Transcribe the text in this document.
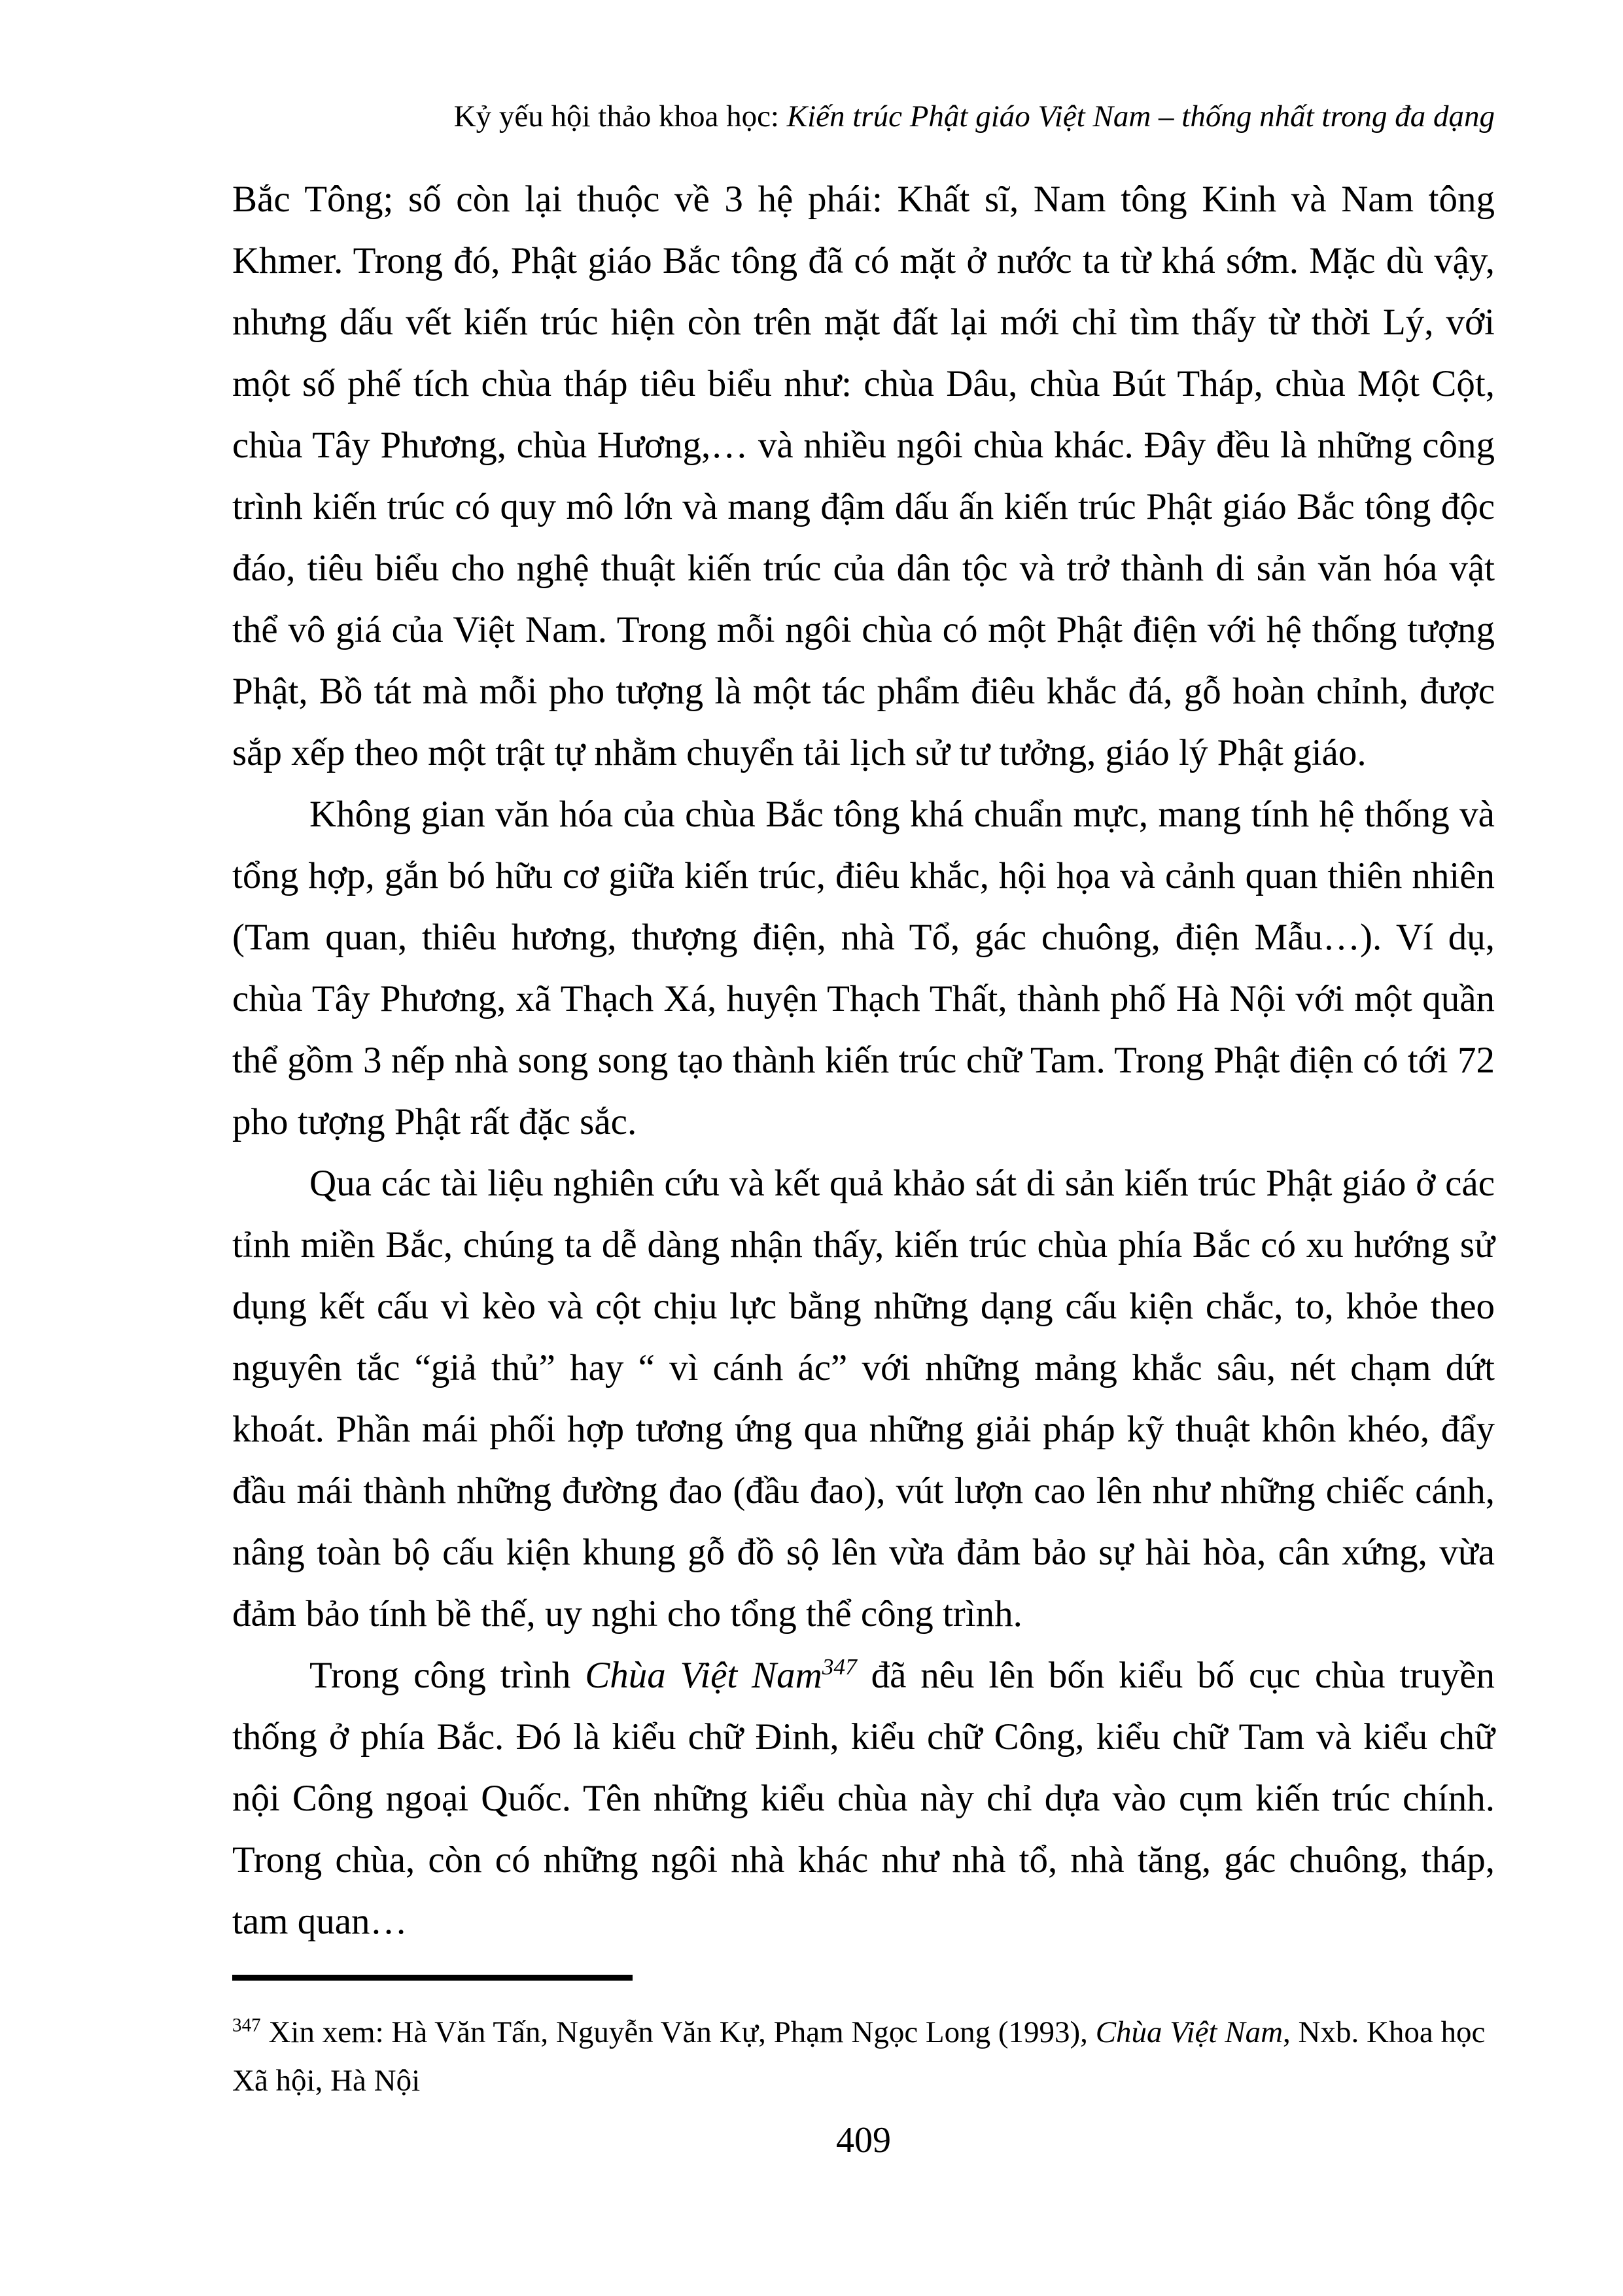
Kỷ yếu hội thảo khoa học: Kiến trúc Phật giáo Việt Nam – thống nhất trong đa dạng

Bắc Tông; số còn lại thuộc về 3 hệ phái: Khất sĩ, Nam tông Kinh và Nam tông Khmer. Trong đó, Phật giáo Bắc tông đã có mặt ở nước ta từ khá sớm. Mặc dù vậy, nhưng dấu vết kiến trúc hiện còn trên mặt đất lại mới chỉ tìm thấy từ thời Lý, với một số phế tích chùa tháp tiêu biểu như: chùa Dâu, chùa Bút Tháp, chùa Một Cột, chùa Tây Phương, chùa Hương,… và nhiều ngôi chùa khác. Đây đều là những công trình kiến trúc có quy mô lớn và mang đậm dấu ấn kiến trúc Phật giáo Bắc tông độc đáo, tiêu biểu cho nghệ thuật kiến trúc của dân tộc và trở thành di sản văn hóa vật thể vô giá của Việt Nam. Trong mỗi ngôi chùa có một Phật điện với hệ thống tượng Phật, Bồ tát mà mỗi pho tượng là một tác phẩm điêu khắc đá, gỗ hoàn chỉnh, được sắp xếp theo một trật tự nhằm chuyển tải lịch sử tư tưởng, giáo lý Phật giáo.

Không gian văn hóa của chùa Bắc tông khá chuẩn mực, mang tính hệ thống và tổng hợp, gắn bó hữu cơ giữa kiến trúc, điêu khắc, hội họa và cảnh quan thiên nhiên (Tam quan, thiêu hương, thượng điện, nhà Tổ, gác chuông, điện Mẫu…). Ví dụ, chùa Tây Phương, xã Thạch Xá, huyện Thạch Thất, thành phố Hà Nội với một quần thể gồm 3 nếp nhà song song tạo thành kiến trúc chữ Tam. Trong Phật điện có tới 72 pho tượng Phật rất đặc sắc.

Qua các tài liệu nghiên cứu và kết quả khảo sát di sản kiến trúc Phật giáo ở các tỉnh miền Bắc, chúng ta dễ dàng nhận thấy, kiến trúc chùa phía Bắc có xu hướng sử dụng kết cấu vì kèo và cột chịu lực bằng những dạng cấu kiện chắc, to, khỏe theo nguyên tắc “giả thủ” hay “ vì cánh ác” với những mảng khắc sâu, nét chạm dứt khoát. Phần mái phối hợp tương ứng qua những giải pháp kỹ thuật khôn khéo, đẩy đầu mái thành những đường đao (đầu đao), vút lượn cao lên như những chiếc cánh, nâng toàn bộ cấu kiện khung gỗ đồ sộ lên vừa đảm bảo sự hài hòa, cân xứng, vừa đảm bảo tính bề thế, uy nghi cho tổng thể công trình.

Trong công trình Chùa Việt Nam$^{347}$ đã nêu lên bốn kiểu bố cục chùa truyền thống ở phía Bắc. Đó là kiểu chữ Đinh, kiểu chữ Công, kiểu chữ Tam và kiểu chữ nội Công ngoại Quốc. Tên những kiểu chùa này chỉ dựa vào cụm kiến trúc chính. Trong chùa, còn có những ngôi nhà khác như nhà tổ, nhà tăng, gác chuông, tháp, tam quan…

$^{347}$ Xin xem: Hà Văn Tấn, Nguyễn Văn Kự, Phạm Ngọc Long (1993), Chùa Việt Nam, Nxb. Khoa học Xã hội, Hà Nội
409
